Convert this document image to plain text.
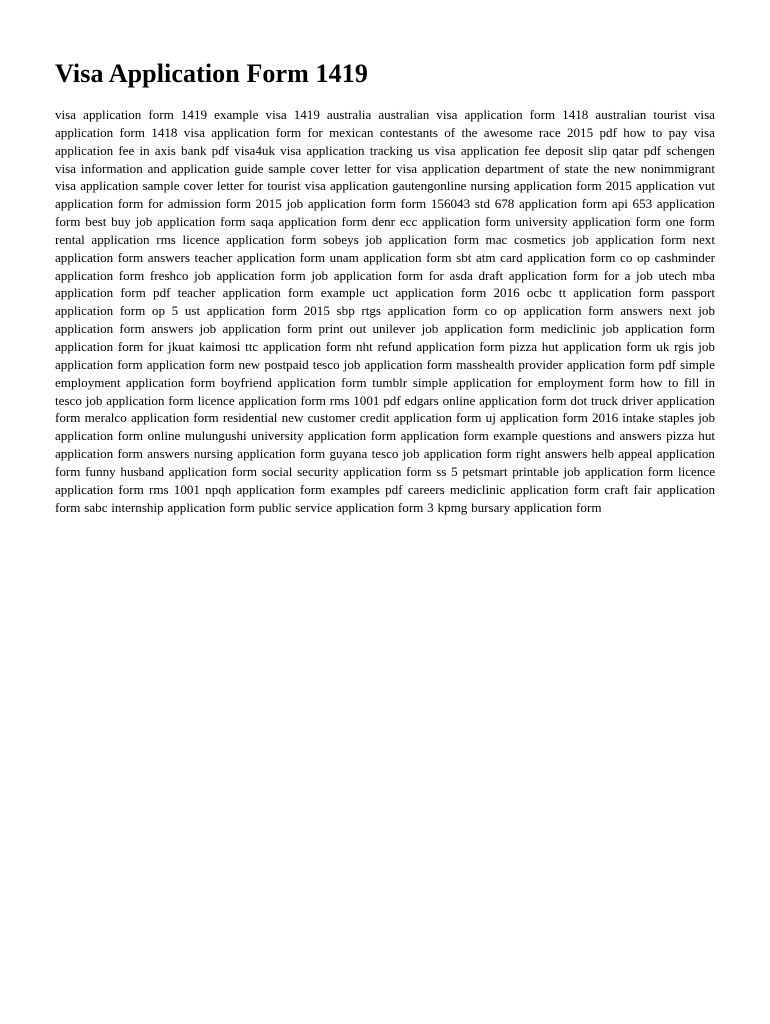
Visa Application Form 1419

visa application form 1419 example visa 1419 australia australian visa application form 1418 australian tourist visa application form 1418 visa application form for mexican contestants of the awesome race 2015 pdf how to pay visa application fee in axis bank pdf visa4uk visa application tracking us visa application fee deposit slip qatar pdf schengen visa information and application guide sample cover letter for visa application department of state the new nonimmigrant visa application sample cover letter for tourist visa application gautengonline nursing application form 2015 application vut application form for admission form 2015 job application form form 156043 std 678 application form api 653 application form best buy job application form saqa application form denr ecc application form university application form one form rental application rms licence application form sobeys job application form mac cosmetics job application form next application form answers teacher application form unam application form sbt atm card application form co op cashminder application form freshco job application form job application form for asda draft application form for a job utech mba application form pdf teacher application form example uct application form 2016 ocbc tt application form passport application form op 5 ust application form 2015 sbp rtgs application form co op application form answers next job application form answers job application form print out unilever job application form mediclinic job application form application form for jkuat kaimosi ttc application form nht refund application form pizza hut application form uk rgis job application form application form new postpaid tesco job application form masshealth provider application form pdf simple employment application form boyfriend application form tumblr simple application for employment form how to fill in tesco job application form licence application form rms 1001 pdf edgars online application form dot truck driver application form meralco application form residential new customer credit application form uj application form 2016 intake staples job application form online mulungushi university application form application form example questions and answers pizza hut application form answers nursing application form guyana tesco job application form right answers helb appeal application form funny husband application form social security application form ss 5 petsmart printable job application form licence application form rms 1001 npqh application form examples pdf careers mediclinic application form craft fair application form sabc internship application form public service application form 3 kpmg bursary application form
